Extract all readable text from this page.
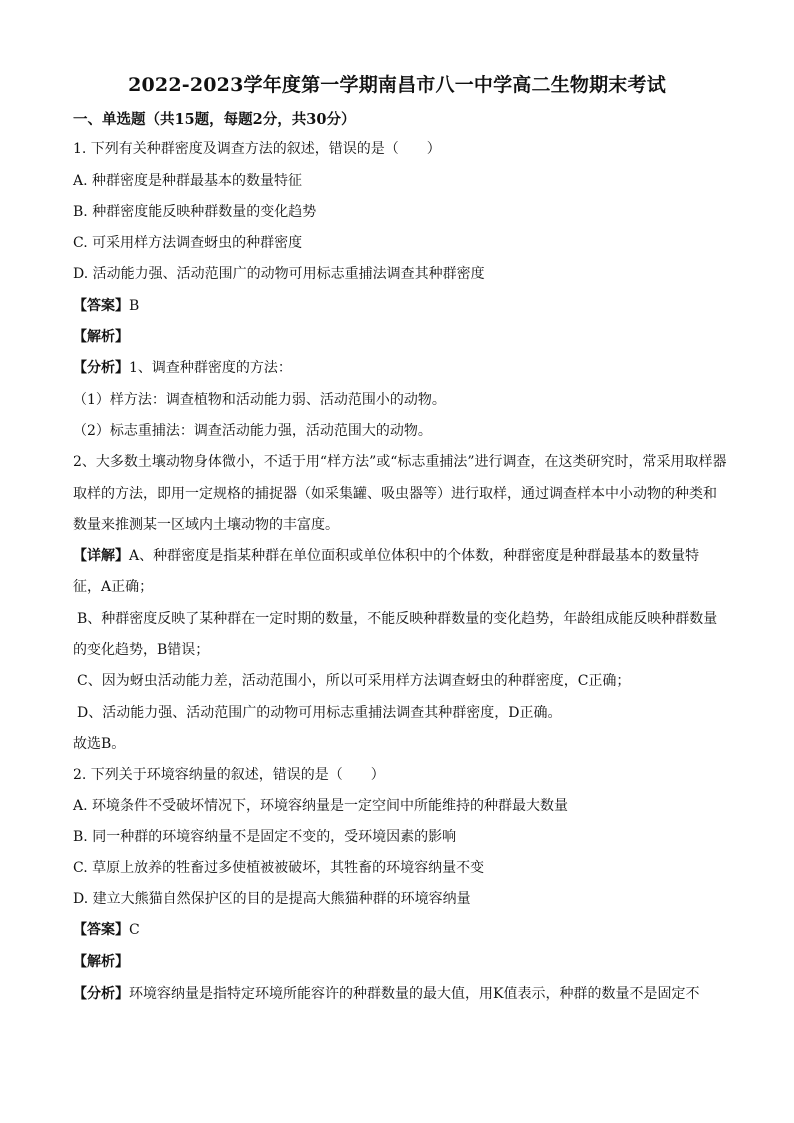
2022-2023学年度第一学期南昌市八一中学高二生物期末考试
一、单选题（共15题，每题2分，共30分）
1. 下列有关种群密度及调查方法的叙述，错误的是（　　）
A. 种群密度是种群最基本的数量特征
B. 种群密度能反映种群数量的变化趋势
C. 可采用样方法调查蚜虫的种群密度
D. 活动能力强、活动范围广的动物可用标志重捕法调查其种群密度
【答案】B
【解析】
【分析】1、调查种群密度的方法：
（1）样方法：调查植物和活动能力弱、活动范围小的动物。
（2）标志重捕法：调查活动能力强，活动范围大的动物。
2、大多数土壤动物身体微小，不适于用“样方法”或“标志重捕法”进行调查，在这类研究时，常采用取样器
取样的方法，即用一定规格的捕捉器（如采集罐、吸虫器等）进行取样，通过调查样本中小动物的种类和
数量来推测某一区域内土壤动物的丰富度。
【详解】A、种群密度是指某种群在单位面积或单位体积中的个体数，种群密度是种群最基本的数量特
征，A正确；
B、种群密度反映了某种群在一定时期的数量，不能反映种群数量的变化趋势，年龄组成能反映种群数量
的变化趋势，B错误；
C、因为蚜虫活动能力差，活动范围小，所以可采用样方法调查蚜虫的种群密度，C正确；
D、活动能力强、活动范围广的动物可用标志重捕法调查其种群密度，D正确。
故选B。
2. 下列关于环境容纳量的叙述，错误的是（　　）
A. 环境条件不受破坏情况下，环境容纳量是一定空间中所能维持的种群最大数量
B. 同一种群的环境容纳量不是固定不变的，受环境因素的影响
C. 草原上放养的牲畜过多使植被被破坏，其牲畜的环境容纳量不变
D. 建立大熊猫自然保护区的目的是提高大熊猫种群的环境容纳量
【答案】C
【解析】
【分析】环境容纳量是指特定环境所能容许的种群数量的最大值，用K值表示，种群的数量不是固定不
